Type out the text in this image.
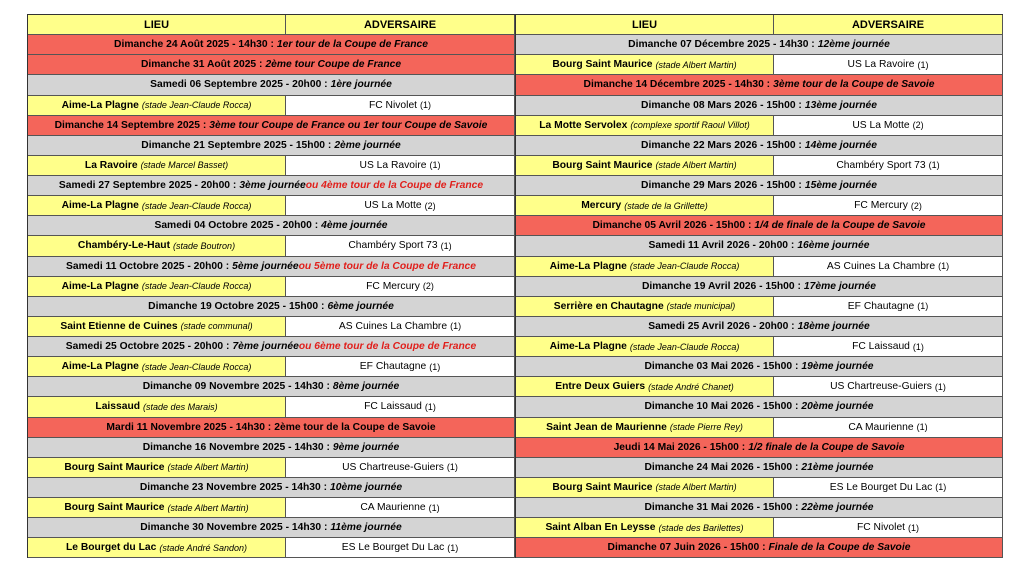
LIEU	ADVERSAIRE
Dimanche 24 Août 2025 - 14h30 : 1er tour de la Coupe de France
Dimanche 31 Août 2025 : 2ème tour Coupe de France
Samedi 06 Septembre 2025 - 20h00 : 1ère journée
Aime-La Plagne (stade Jean-Claude Rocca)	FC Nivolet (1)
Dimanche 14 Septembre 2025 : 3ème tour Coupe de France ou 1er tour Coupe de Savoie
Dimanche 21 Septembre 2025 - 15h00 : 2ème journée
La Ravoire (stade Marcel Basset)	US La Ravoire (1)
Samedi 27 Septembre 2025 - 20h00 : 3ème journée ou 4ème tour de la Coupe de France
Aime-La Plagne (stade Jean-Claude Rocca)	US La Motte (2)
Samedi 04 Octobre 2025 - 20h00 : 4ème journée
Chambéry-Le-Haut (stade Boutron)	Chambéry Sport 73 (1)
Samedi 11 Octobre 2025 - 20h00 : 5ème journée ou 5ème tour de la Coupe de France
Aime-La Plagne (stade Jean-Claude Rocca)	FC Mercury (2)
Dimanche 19 Octobre 2025 - 15h00 : 6ème journée
Saint Etienne de Cuines (stade communal)	AS Cuines La Chambre (1)
Samedi 25 Octobre 2025 - 20h00 : 7ème journée ou 6ème tour de la Coupe de France
Aime-La Plagne (stade Jean-Claude Rocca)	EF Chautagne (1)
Dimanche 09 Novembre 2025 - 14h30 : 8ème journée
Laissaud (stade des Marais)	FC Laissaud (1)
Mardi 11 Novembre 2025 - 14h30 : 2ème tour de la Coupe de Savoie
Dimanche 16 Novembre 2025 - 14h30 : 9ème journée
Bourg Saint Maurice (stade Albert Martin)	US Chartreuse-Guiers (1)
Dimanche 23 Novembre 2025 - 14h30 : 10ème journée
Bourg Saint Maurice (stade Albert Martin)	CA Maurienne (1)
Dimanche 30 Novembre 2025 - 14h30 : 11ème journée
Le Bourget du Lac (stade André Sandon)	ES Le Bourget Du Lac (1)
LIEU	ADVERSAIRE
Dimanche 07 Décembre 2025 - 14h30 : 12ème journée
Bourg Saint Maurice (stade Albert Martin)	US La Ravoire (1)
Dimanche 14 Décembre 2025 - 14h30 : 3ème tour de la Coupe de Savoie
Dimanche 08 Mars 2026 - 15h00 : 13ème journée
La Motte Servolex (complexe sportif Raoul Villot)	US La Motte (2)
Dimanche 22 Mars 2026 - 15h00 : 14ème journée
Bourg Saint Maurice (stade Albert Martin)	Chambéry Sport 73 (1)
Dimanche 29 Mars 2026 - 15h00 : 15ème journée
Mercury (stade de la Grillette)	FC Mercury (2)
Dimanche 05 Avril 2026 - 15h00 : 1/4 de finale de la Coupe de Savoie
Samedi 11 Avril 2026 - 20h00 : 16ème journée
Aime-La Plagne (stade Jean-Claude Rocca)	AS Cuines La Chambre (1)
Dimanche 19 Avril 2026 - 15h00 : 17ème journée
Serrière en Chautagne (stade municipal)	EF Chautagne (1)
Samedi 25 Avril 2026 - 20h00 : 18ème journée
Aime-La Plagne (stade Jean-Claude Rocca)	FC Laissaud (1)
Dimanche 03 Mai 2026 - 15h00 : 19ème journée
Entre Deux Guiers (stade André Chanet)	US Chartreuse-Guiers (1)
Dimanche 10 Mai 2026 - 15h00 : 20ème journée
Saint Jean de Maurienne (stade Pierre Rey)	CA Maurienne (1)
Jeudi 14 Mai 2026 - 15h00 : 1/2 finale de la Coupe de Savoie
Dimanche 24 Mai 2026 - 15h00 : 21ème journée
Bourg Saint Maurice (stade Albert Martin)	ES Le Bourget Du Lac (1)
Dimanche 31 Mai 2026 - 15h00 : 22ème journée
Saint Alban En Leysse (stade des Barilettes)	FC Nivolet (1)
Dimanche 07 Juin 2026 - 15h00 : Finale de la Coupe de Savoie
